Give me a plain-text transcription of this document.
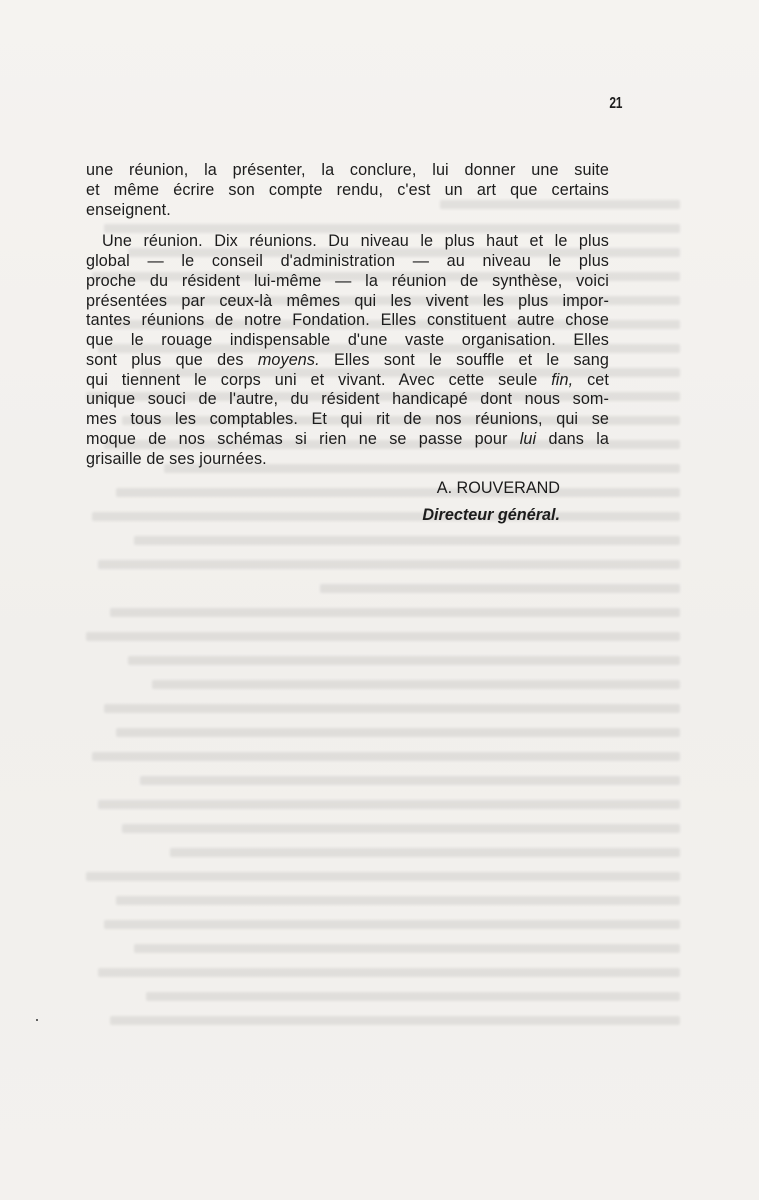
21
une réunion, la présenter, la conclure, lui donner une suite
et même écrire son compte rendu, c'est un art que certains
enseignent.
Une réunion. Dix réunions. Du niveau le plus haut et le plus
global — le conseil d'administration — au niveau le plus
proche du résident lui-même — la réunion de synthèse, voici
présentées par ceux-là mêmes qui les vivent les plus impor-
tantes réunions de notre Fondation. Elles constituent autre chose
que le rouage indispensable d'une vaste organisation. Elles
sont plus que des moyens. Elles sont le souffle et le sang
qui tiennent le corps uni et vivant. Avec cette seule fin, cet
unique souci de l'autre, du résident handicapé dont nous som-
mes tous les comptables. Et qui rit de nos réunions, qui se
moque de nos schémas si rien ne se passe pour lui dans la
grisaille de ses journées.
A. ROUVERAND
Directeur général.
